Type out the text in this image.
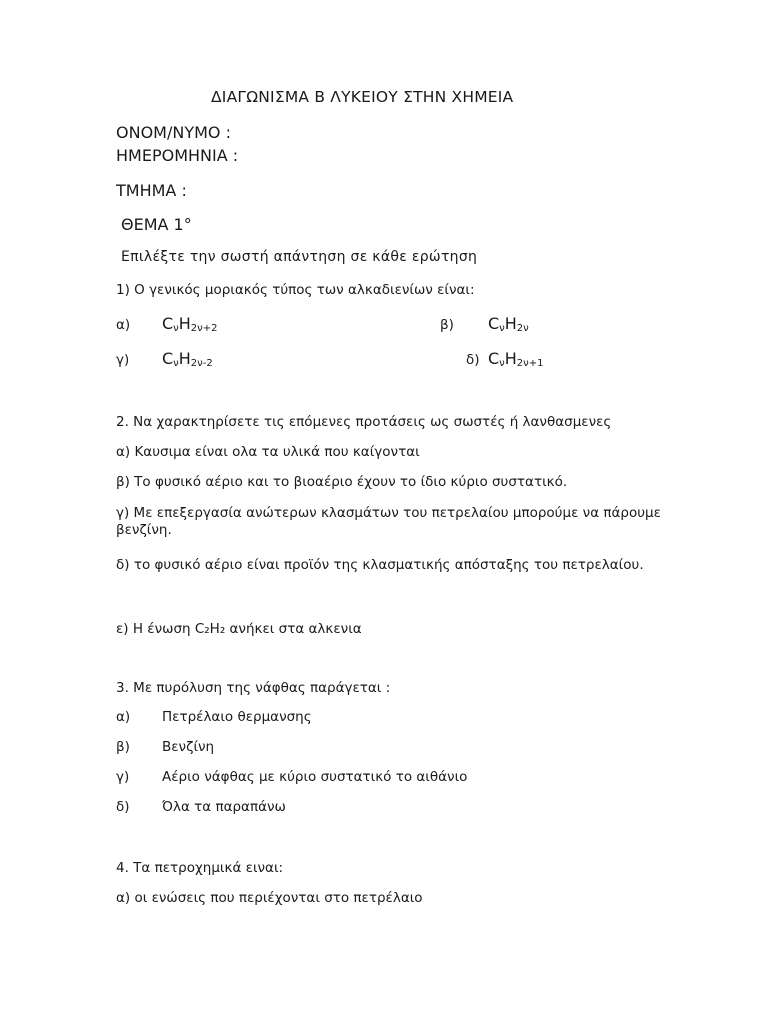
ΔΙΑΓΩΝΙΣΜΑ Β ΛΥΚΕΙΟΥ ΣΤΗΝ ΧΗΜΕΙΑ
ΟΝΟΜ/ΝΥΜΟ :
ΗΜΕΡΟΜΗΝΙΑ :
ΤΜΗΜΑ :
ΘΕΜΑ 1°
Επιλέξτε την σωστή απάντηση σε κάθε ερώτηση
1) Ο γενικός μοριακός τύπος των αλκαδιενίων είναι:
α) $C_\nu H_{2\nu+2}$	β) $C_\nu H_{2\nu}$
γ) $C_\nu H_{2\nu-2}$	δ) $C_\nu H_{2\nu+1}$
2. Να χαρακτηρίσετε τις επόμενες προτάσεις ως σωστές ή λανθασμενες
α) Καυσιμα είναι ολα τα υλικά που καίγονται
β) Το φυσικό αέριο και το βιοαέριο έχουν το ίδιο κύριο συστατικό.
γ) Με επεξεργασία ανώτερων κλασμάτων του πετρελαίου μπορούμε να πάρουμε βενζίνη.
δ) το φυσικό αέριο είναι προϊόν της κλασματικής απόσταξης του πετρελαίου.
ε) Η ένωση C₂H₂ ανήκει στα αλκενια
3. Με πυρόλυση της νάφθας παράγεται :
α) Πετρέλαιο θερμανσης
β) Βενζίνη
γ) Αέριο νάφθας με κύριο συστατικό το αιθάνιο
δ) Όλα τα παραπάνω
4. Τα πετροχημικά ειναι:
α) οι ενώσεις που περιέχονται στο πετρέλαιο
